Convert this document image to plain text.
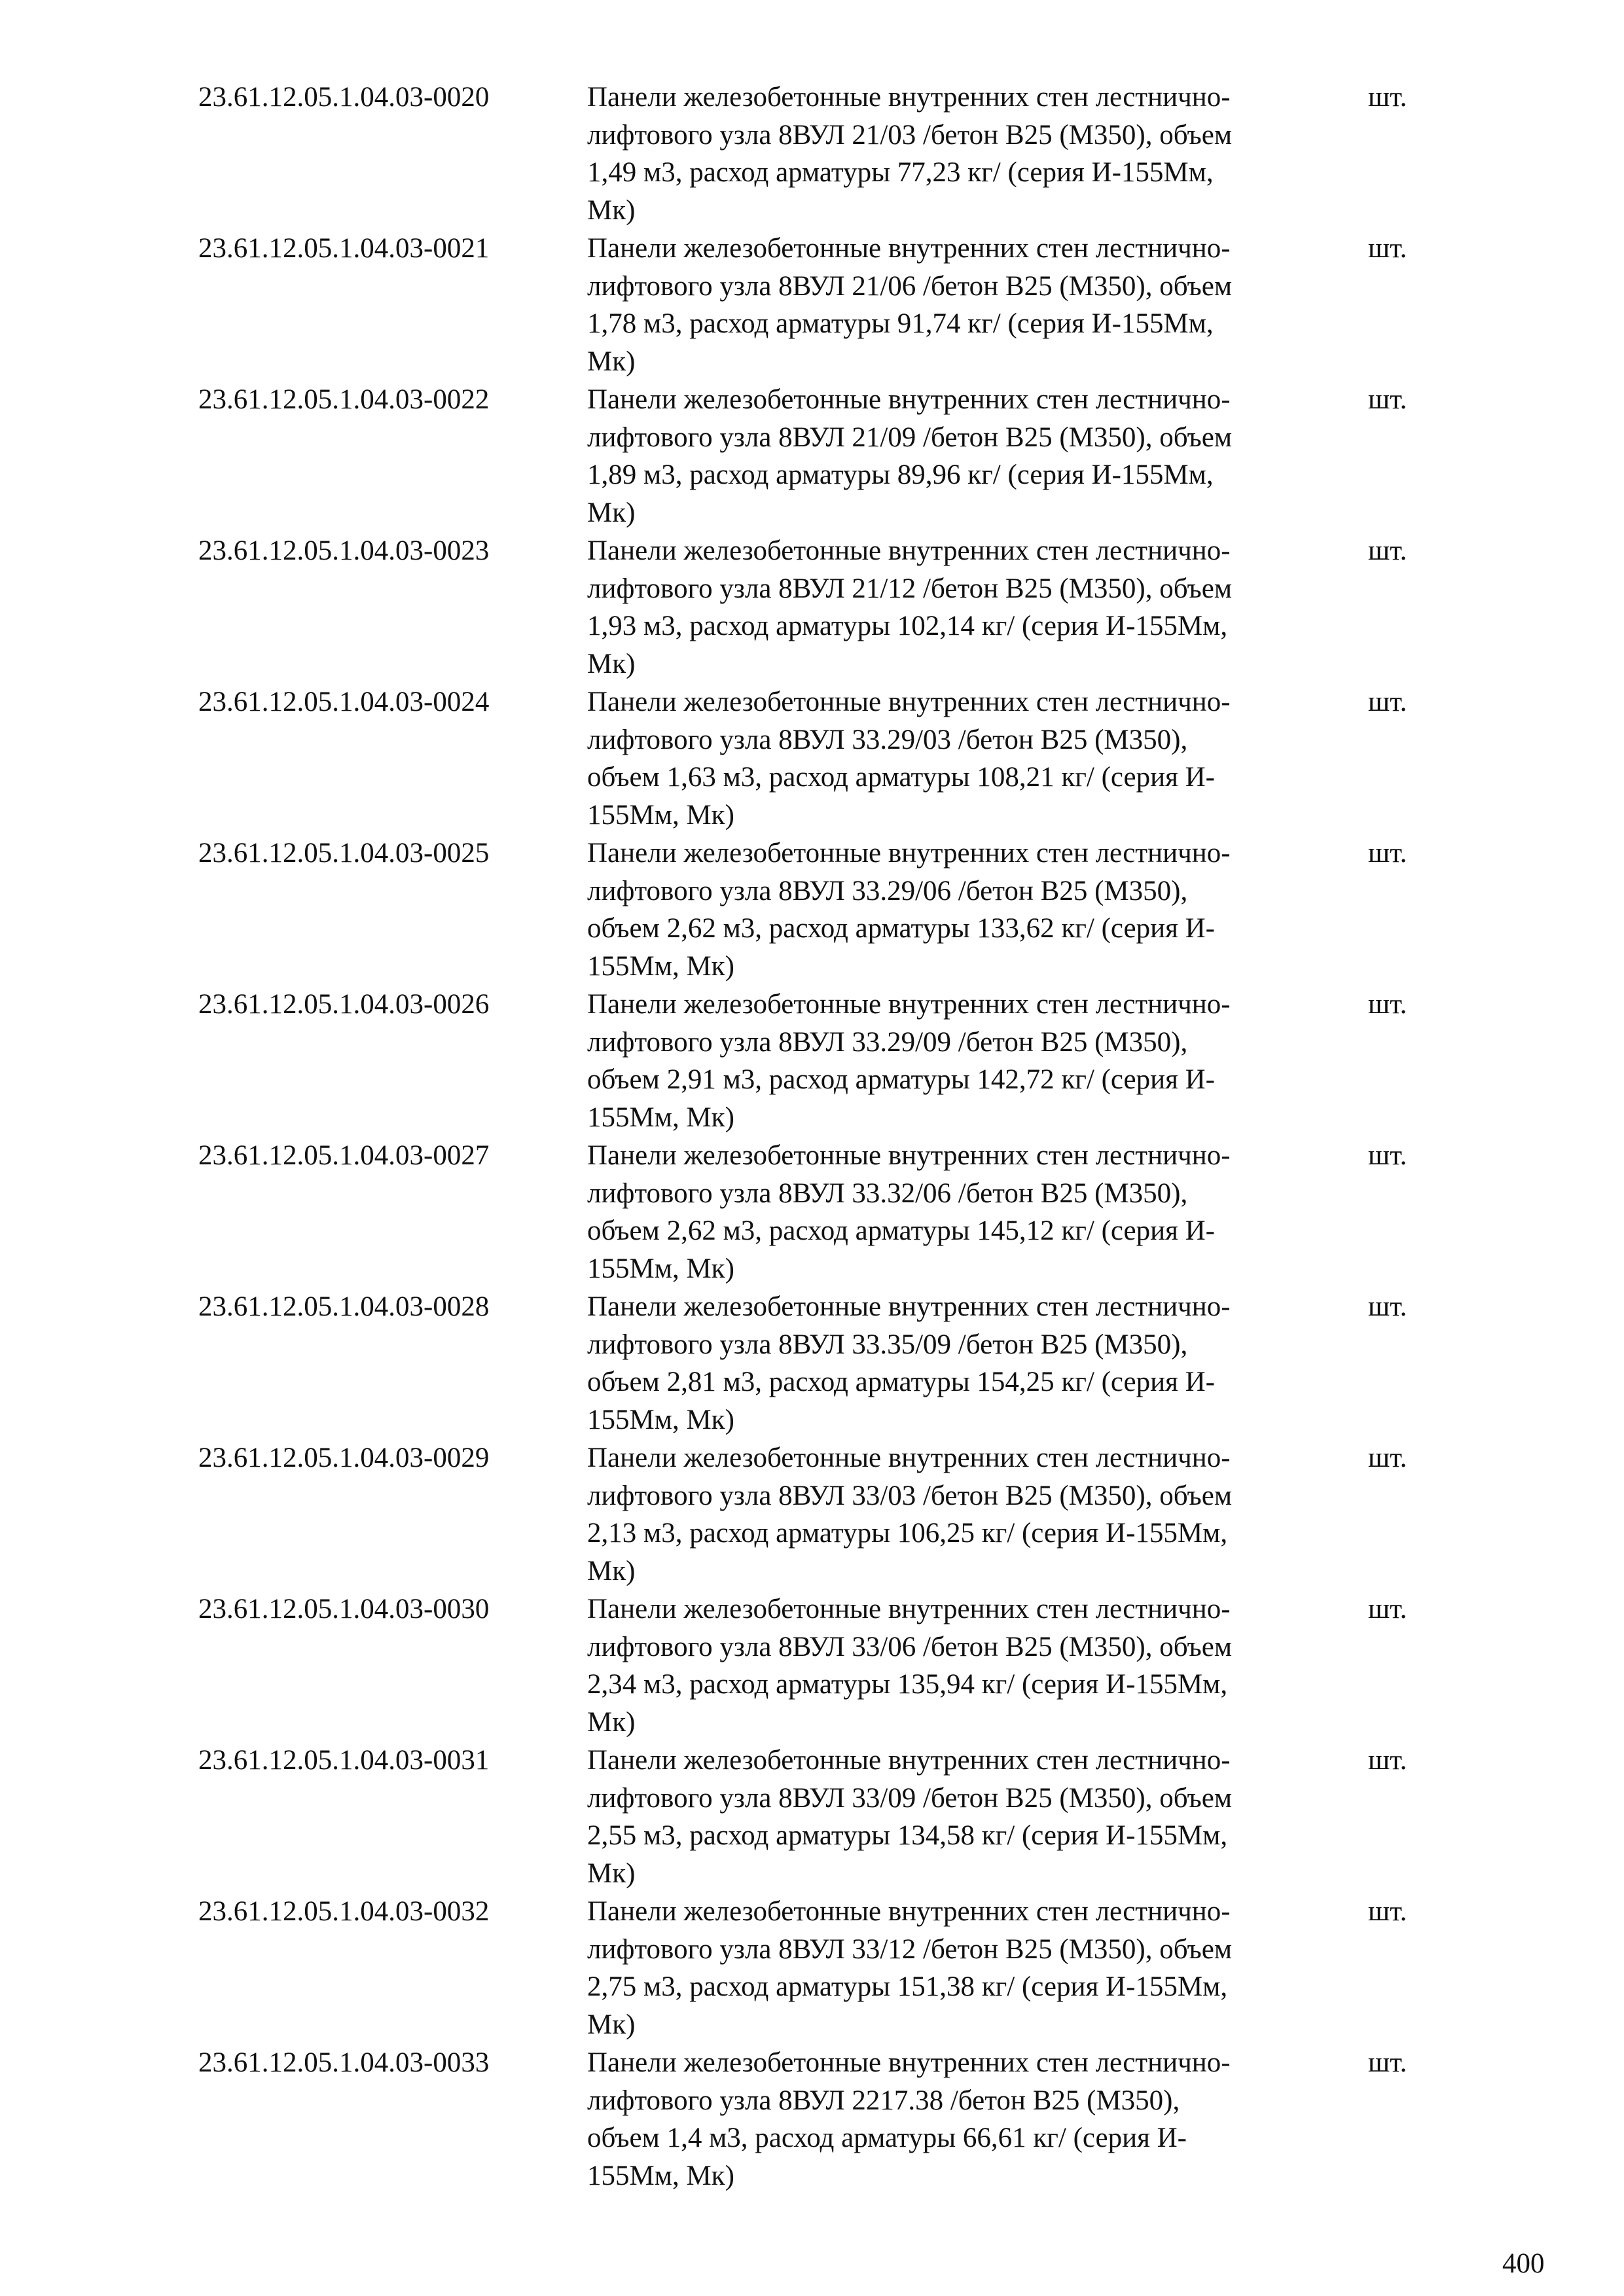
23.61.12.05.1.04.03-0020	Панели железобетонные внутренних стен лестнично-
лифтового узла 8ВУЛ 21/03 /бетон В25 (М350), объем
1,49 м3, расход арматуры 77,23 кг/ (серия И-155Мм,
Мк)
шт.
23.61.12.05.1.04.03-0021	Панели железобетонные внутренних стен лестнично-
лифтового узла 8ВУЛ 21/06 /бетон В25 (М350), объем
1,78 м3, расход арматуры 91,74 кг/ (серия И-155Мм,
Мк)
шт.
23.61.12.05.1.04.03-0022	Панели железобетонные внутренних стен лестнично-
лифтового узла 8ВУЛ 21/09 /бетон В25 (М350), объем
1,89 м3, расход арматуры 89,96 кг/ (серия И-155Мм,
Мк)
шт.
23.61.12.05.1.04.03-0023	Панели железобетонные внутренних стен лестнично-
лифтового узла 8ВУЛ 21/12 /бетон В25 (М350), объем
1,93 м3, расход арматуры 102,14 кг/ (серия И-155Мм,
Мк)
шт.
23.61.12.05.1.04.03-0024	Панели железобетонные внутренних стен лестнично-
лифтового узла 8ВУЛ 33.29/03 /бетон В25 (М350),
объем 1,63 м3, расход арматуры 108,21 кг/ (серия И-
155Мм, Мк)
шт.
23.61.12.05.1.04.03-0025	Панели железобетонные внутренних стен лестнично-
лифтового узла 8ВУЛ 33.29/06 /бетон В25 (М350),
объем 2,62 м3, расход арматуры 133,62 кг/ (серия И-
155Мм, Мк)
шт.
23.61.12.05.1.04.03-0026	Панели железобетонные внутренних стен лестнично-
лифтового узла 8ВУЛ 33.29/09 /бетон В25 (М350),
объем 2,91 м3, расход арматуры 142,72 кг/ (серия И-
155Мм, Мк)
шт.
23.61.12.05.1.04.03-0027	Панели железобетонные внутренних стен лестнично-
лифтового узла 8ВУЛ 33.32/06 /бетон В25 (М350),
объем 2,62 м3, расход арматуры 145,12 кг/ (серия И-
155Мм, Мк)
шт.
23.61.12.05.1.04.03-0028	Панели железобетонные внутренних стен лестнично-
лифтового узла 8ВУЛ 33.35/09 /бетон В25 (М350),
объем 2,81 м3, расход арматуры 154,25 кг/ (серия И-
155Мм, Мк)
шт.
23.61.12.05.1.04.03-0029	Панели железобетонные внутренних стен лестнично-
лифтового узла 8ВУЛ 33/03 /бетон В25 (М350), объем
2,13 м3, расход арматуры 106,25 кг/ (серия И-155Мм,
Мк)
шт.
23.61.12.05.1.04.03-0030	Панели железобетонные внутренних стен лестнично-
лифтового узла 8ВУЛ 33/06 /бетон В25 (М350), объем
2,34 м3, расход арматуры 135,94 кг/ (серия И-155Мм,
Мк)
шт.
23.61.12.05.1.04.03-0031	Панели железобетонные внутренних стен лестнично-
лифтового узла 8ВУЛ 33/09 /бетон В25 (М350), объем
2,55 м3, расход арматуры 134,58 кг/ (серия И-155Мм,
Мк)
шт.
23.61.12.05.1.04.03-0032	Панели железобетонные внутренних стен лестнично-
лифтового узла 8ВУЛ 33/12 /бетон В25 (М350), объем
2,75 м3, расход арматуры 151,38 кг/ (серия И-155Мм,
Мк)
шт.
23.61.12.05.1.04.03-0033	Панели железобетонные внутренних стен лестнично-
лифтового узла 8ВУЛ 2217.38 /бетон В25 (М350),
объем 1,4 м3, расход арматуры 66,61 кг/ (серия И-
155Мм, Мк)
шт.
400
